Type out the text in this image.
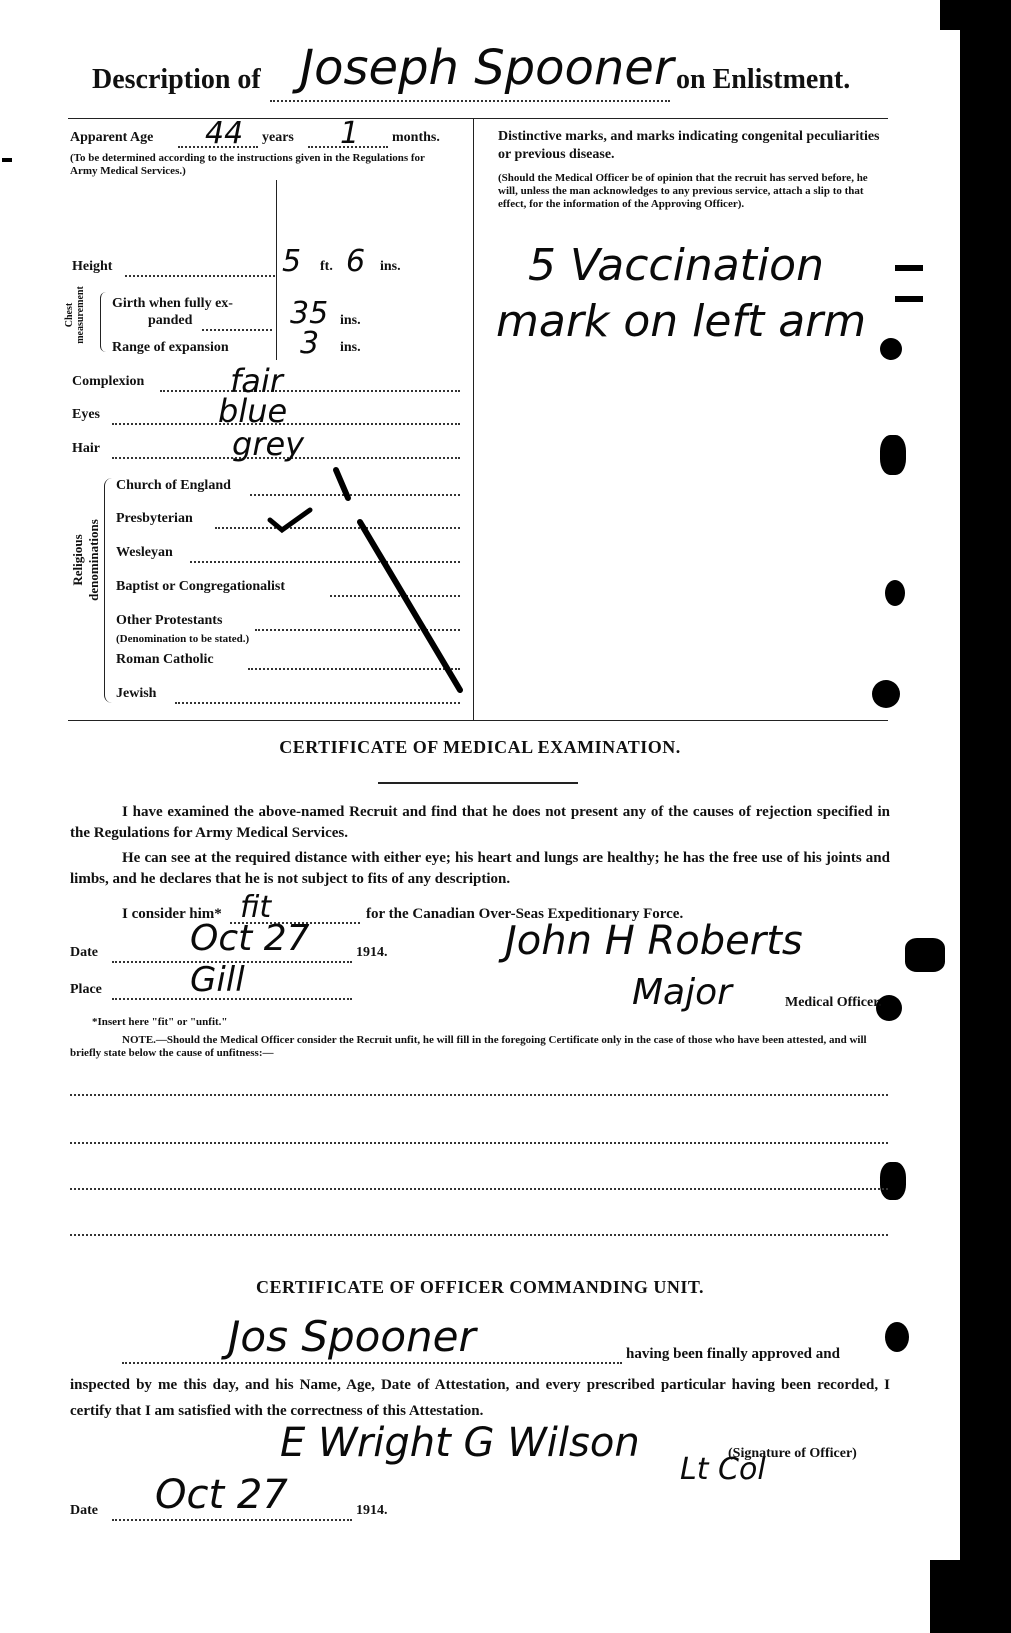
Description of Joseph Spooner on Enlistment.
Apparent Age 44 years 1 months.
(To be determined according to the instructions given in the Regulations for Army Medical Services.)
Height	5 ft. 6 ins.
Chest measurement Girth when fully ex-
panded	35 ins.
Range of expansion 3 ins.
Complexion	fair
Eyes	blue
Hair	grey
Religious denominations
Church of England
Presbyterian
Wesleyan
Baptist or Congregationalist
Other Protestants
(Denomination to be stated.)
Roman Catholic
Jewish
Distinctive marks, and marks indicating congenital peculiarities or previous disease.
(Should the Medical Officer be of opinion that the recruit has served before, he will, unless the man acknowledges to any previous service, attach a slip to that effect, for the information of the Approving Officer).
5 Vaccination
mark on left arm
CERTIFICATE OF MEDICAL EXAMINATION.
I have examined the above-named Recruit and find that he does not present any of the causes of rejection specified in the Regulations for Army Medical Services.
He can see at the required distance with either eye; his heart and lungs are healthy; he has the free use of his joints and limbs, and he declares that he is not subject to fits of any description.
I consider him* fit	for the Canadian Over-Seas Expeditionary Force.
Date	Oct 27	1914.	John H Roberts
Place	Gill	Major	Medical Officer.
*Insert here "fit" or "unfit."
NOTE.—Should the Medical Officer consider the Recruit unfit, he will fill in the foregoing Certificate only in the case of those who have been attested, and will briefly state below the cause of unfitness:—
CERTIFICATE OF OFFICER COMMANDING UNIT.
Jos Spooner	having been finally approved and
inspected by me this day, and his Name, Age, Date of Attestation, and every prescribed particular having been recorded, I certify that I am satisfied with the correctness of this Attestation.
E Wright G Wilson
Lt Col
(Signature of Officer)
Date Oct 27	1914.
